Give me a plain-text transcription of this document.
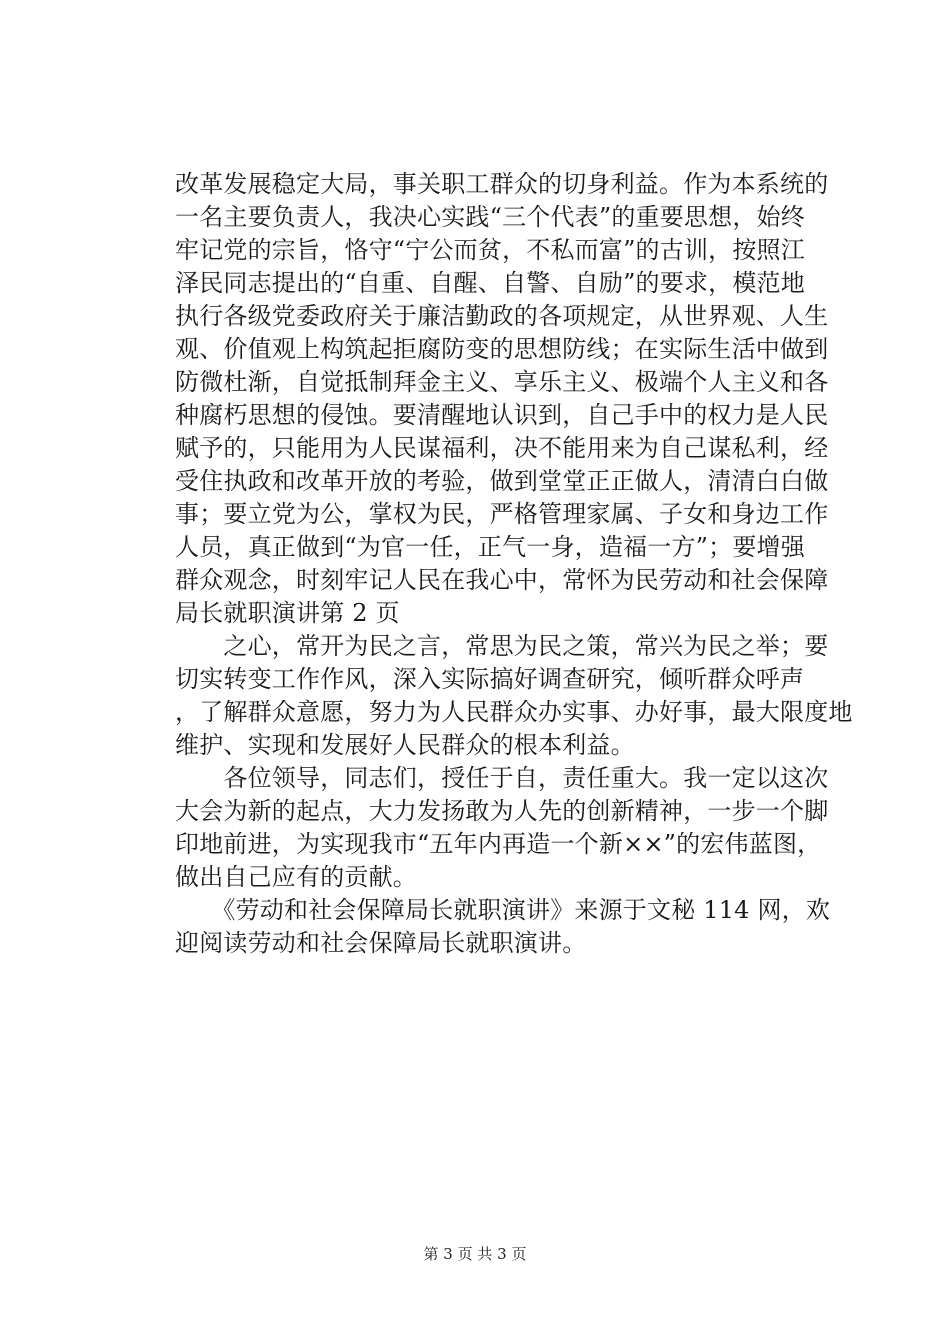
改革发展稳定大局，事关职工群众的切身利益。作为本系统的
一名主要负责人，我决心实践“三个代表”的重要思想，始终
牢记党的宗旨，恪守“宁公而贫，不私而富”的古训，按照江
泽民同志提出的“自重、自醒、自警、自励”的要求，模范地
执行各级党委政府关于廉洁勤政的各项规定，从世界观、人生
观、价值观上构筑起拒腐防变的思想防线；在实际生活中做到
防微杜渐，自觉抵制拜金主义、享乐主义、极端个人主义和各
种腐朽思想的侵蚀。要清醒地认识到，自己手中的权力是人民
赋予的，只能用为人民谋福利，决不能用来为自己谋私利，经
受住执政和改革开放的考验，做到堂堂正正做人，清清白白做
事；要立党为公，掌权为民，严格管理家属、子女和身边工作
人员，真正做到“为官一任，正气一身，造福一方”；要增强
群众观念，时刻牢记人民在我心中，常怀为民劳动和社会保障
局长就职演讲第 2 页
　　之心，常开为民之言，常思为民之策，常兴为民之举；要
切实转变工作作风，深入实际搞好调查研究，倾听群众呼声
，了解群众意愿，努力为人民群众办实事、办好事，最大限度地
维护、实现和发展好人民群众的根本利益。
　　各位领导，同志们，授任于自，责任重大。我一定以这次
大会为新的起点，大力发扬敢为人先的创新精神，一步一个脚
印地前进，为实现我市“五年内再造一个新××”的宏伟蓝图，
做出自己应有的贡献。
　　《劳动和社会保障局长就职演讲》来源于文秘 114 网，欢
迎阅读劳动和社会保障局长就职演讲。
第 3 页 共 3 页
